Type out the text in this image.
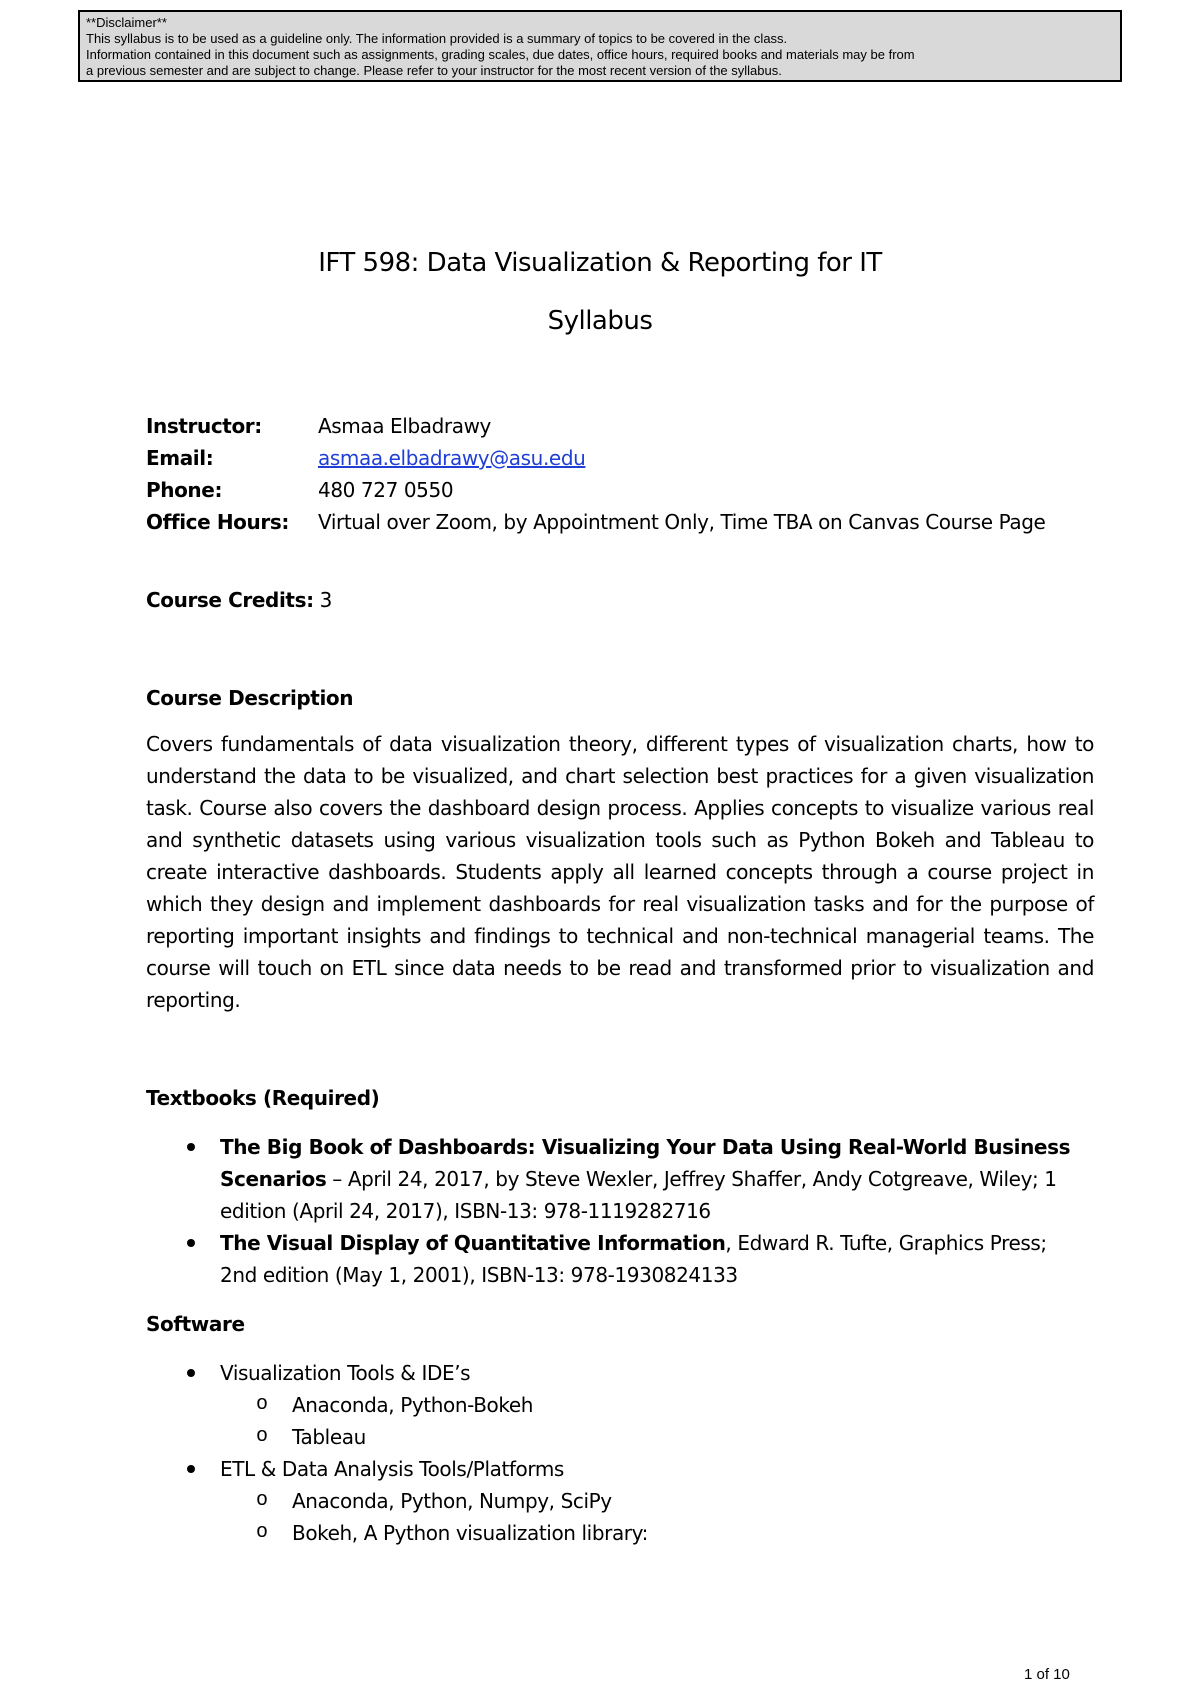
**Disclaimer**
This syllabus is to be used as a guideline only. The information provided is a summary of topics to be covered in the class.
Information contained in this document such as assignments, grading scales, due dates, office hours, required books and materials may be from
a previous semester and are subject to change. Please refer to your instructor for the most recent version of the syllabus.
IFT 598: Data Visualization & Reporting for IT
Syllabus
Instructor:	Asmaa Elbadrawy
Email:	asmaa.elbadrawy@asu.edu
Phone:	480 727 0550
Office Hours: Virtual over Zoom, by Appointment Only, Time TBA on Canvas Course Page
Course Credits: 3
Course Description

Covers fundamentals of data visualization theory, different types of visualization charts, how to understand the data to be visualized, and chart selection best practices for a given visualization task. Course also covers the dashboard design process. Applies concepts to visualize various real and synthetic datasets using various visualization tools such as Python Bokeh and Tableau to create interactive dashboards. Students apply all learned concepts through a course project in which they design and implement dashboards for real visualization tasks and for the purpose of reporting important insights and findings to technical and non-technical managerial teams. The course will touch on ETL since data needs to be read and transformed prior to visualization and reporting.

Textbooks (Required)
The Big Book of Dashboards: Visualizing Your Data Using Real-World Business Scenarios – April 24, 2017, by Steve Wexler, Jeffrey Shaffer, Andy Cotgreave, Wiley; 1 edition (April 24, 2017), ISBN-13: 978-1119282716
The Visual Display of Quantitative Information, Edward R. Tufte, Graphics Press; 2nd edition (May 1, 2001), ISBN-13: 978-1930824133
Software
Visualization Tools & IDE’s
o Anaconda, Python-Bokeh
o Tableau
ETL & Data Analysis Tools/Platforms
o Anaconda, Python, Numpy, SciPy
o Bokeh, A Python visualization library:
1 of 10
